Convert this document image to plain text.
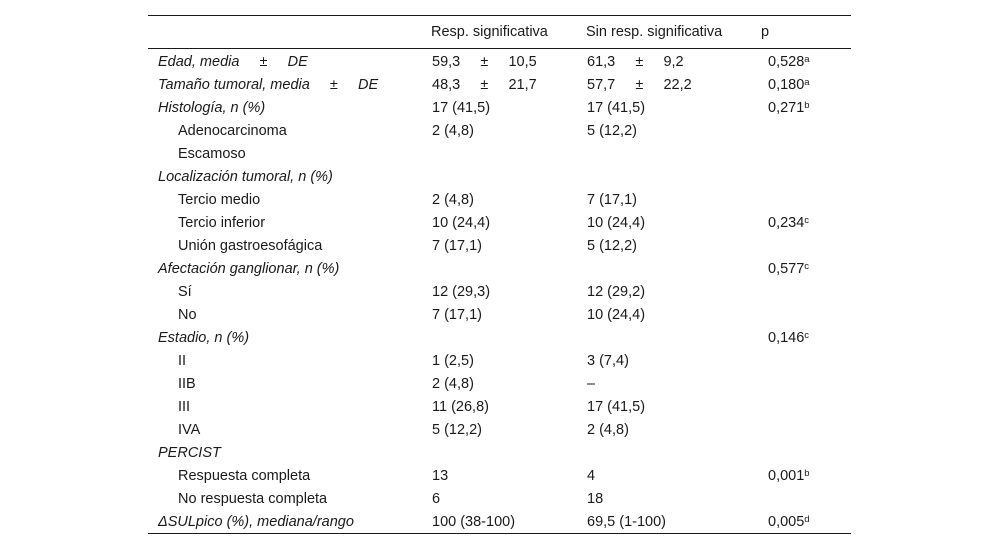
	Resp. significativa	Sin resp. significativa	p
Edad, media     ±     DE	59,3     ±     10,5	61,3     ±     9,2	0,528$^a$
Tamaño tumoral, media     ±     DE	48,3     ±     21,7	57,7     ±     22,2	0,180$^a$
Histología, n (%)	17 (41,5)	17 (41,5)	0,271$^b$
Adenocarcinoma	2 (4,8)	5 (12,2)	
Escamoso			
Localización tumoral, n (%)			
Tercio medio	2 (4,8)	7 (17,1)	
Tercio inferior	10 (24,4)	10 (24,4)	0,234$^c$
Unión gastroesofágica	7 (17,1)	5 (12,2)	
Afectación ganglionar, n (%)			0,577$^c$
Sí	12 (29,3)	12 (29,2)	
No	7 (17,1)	10 (24,4)	
Estadio, n (%)			0,146$^c$
II	1 (2,5)	3 (7,4)	
IIB	2 (4,8)	–	
III	11 (26,8)	17 (41,5)	
IVA	5 (12,2)	2 (4,8)	
PERCIST			
Respuesta completa	13	4	0,001$^b$
No respuesta completa	6	18	
ΔSULpico (%), mediana/rango	100 (38-100)	69,5 (1-100)	0,005$^d$
